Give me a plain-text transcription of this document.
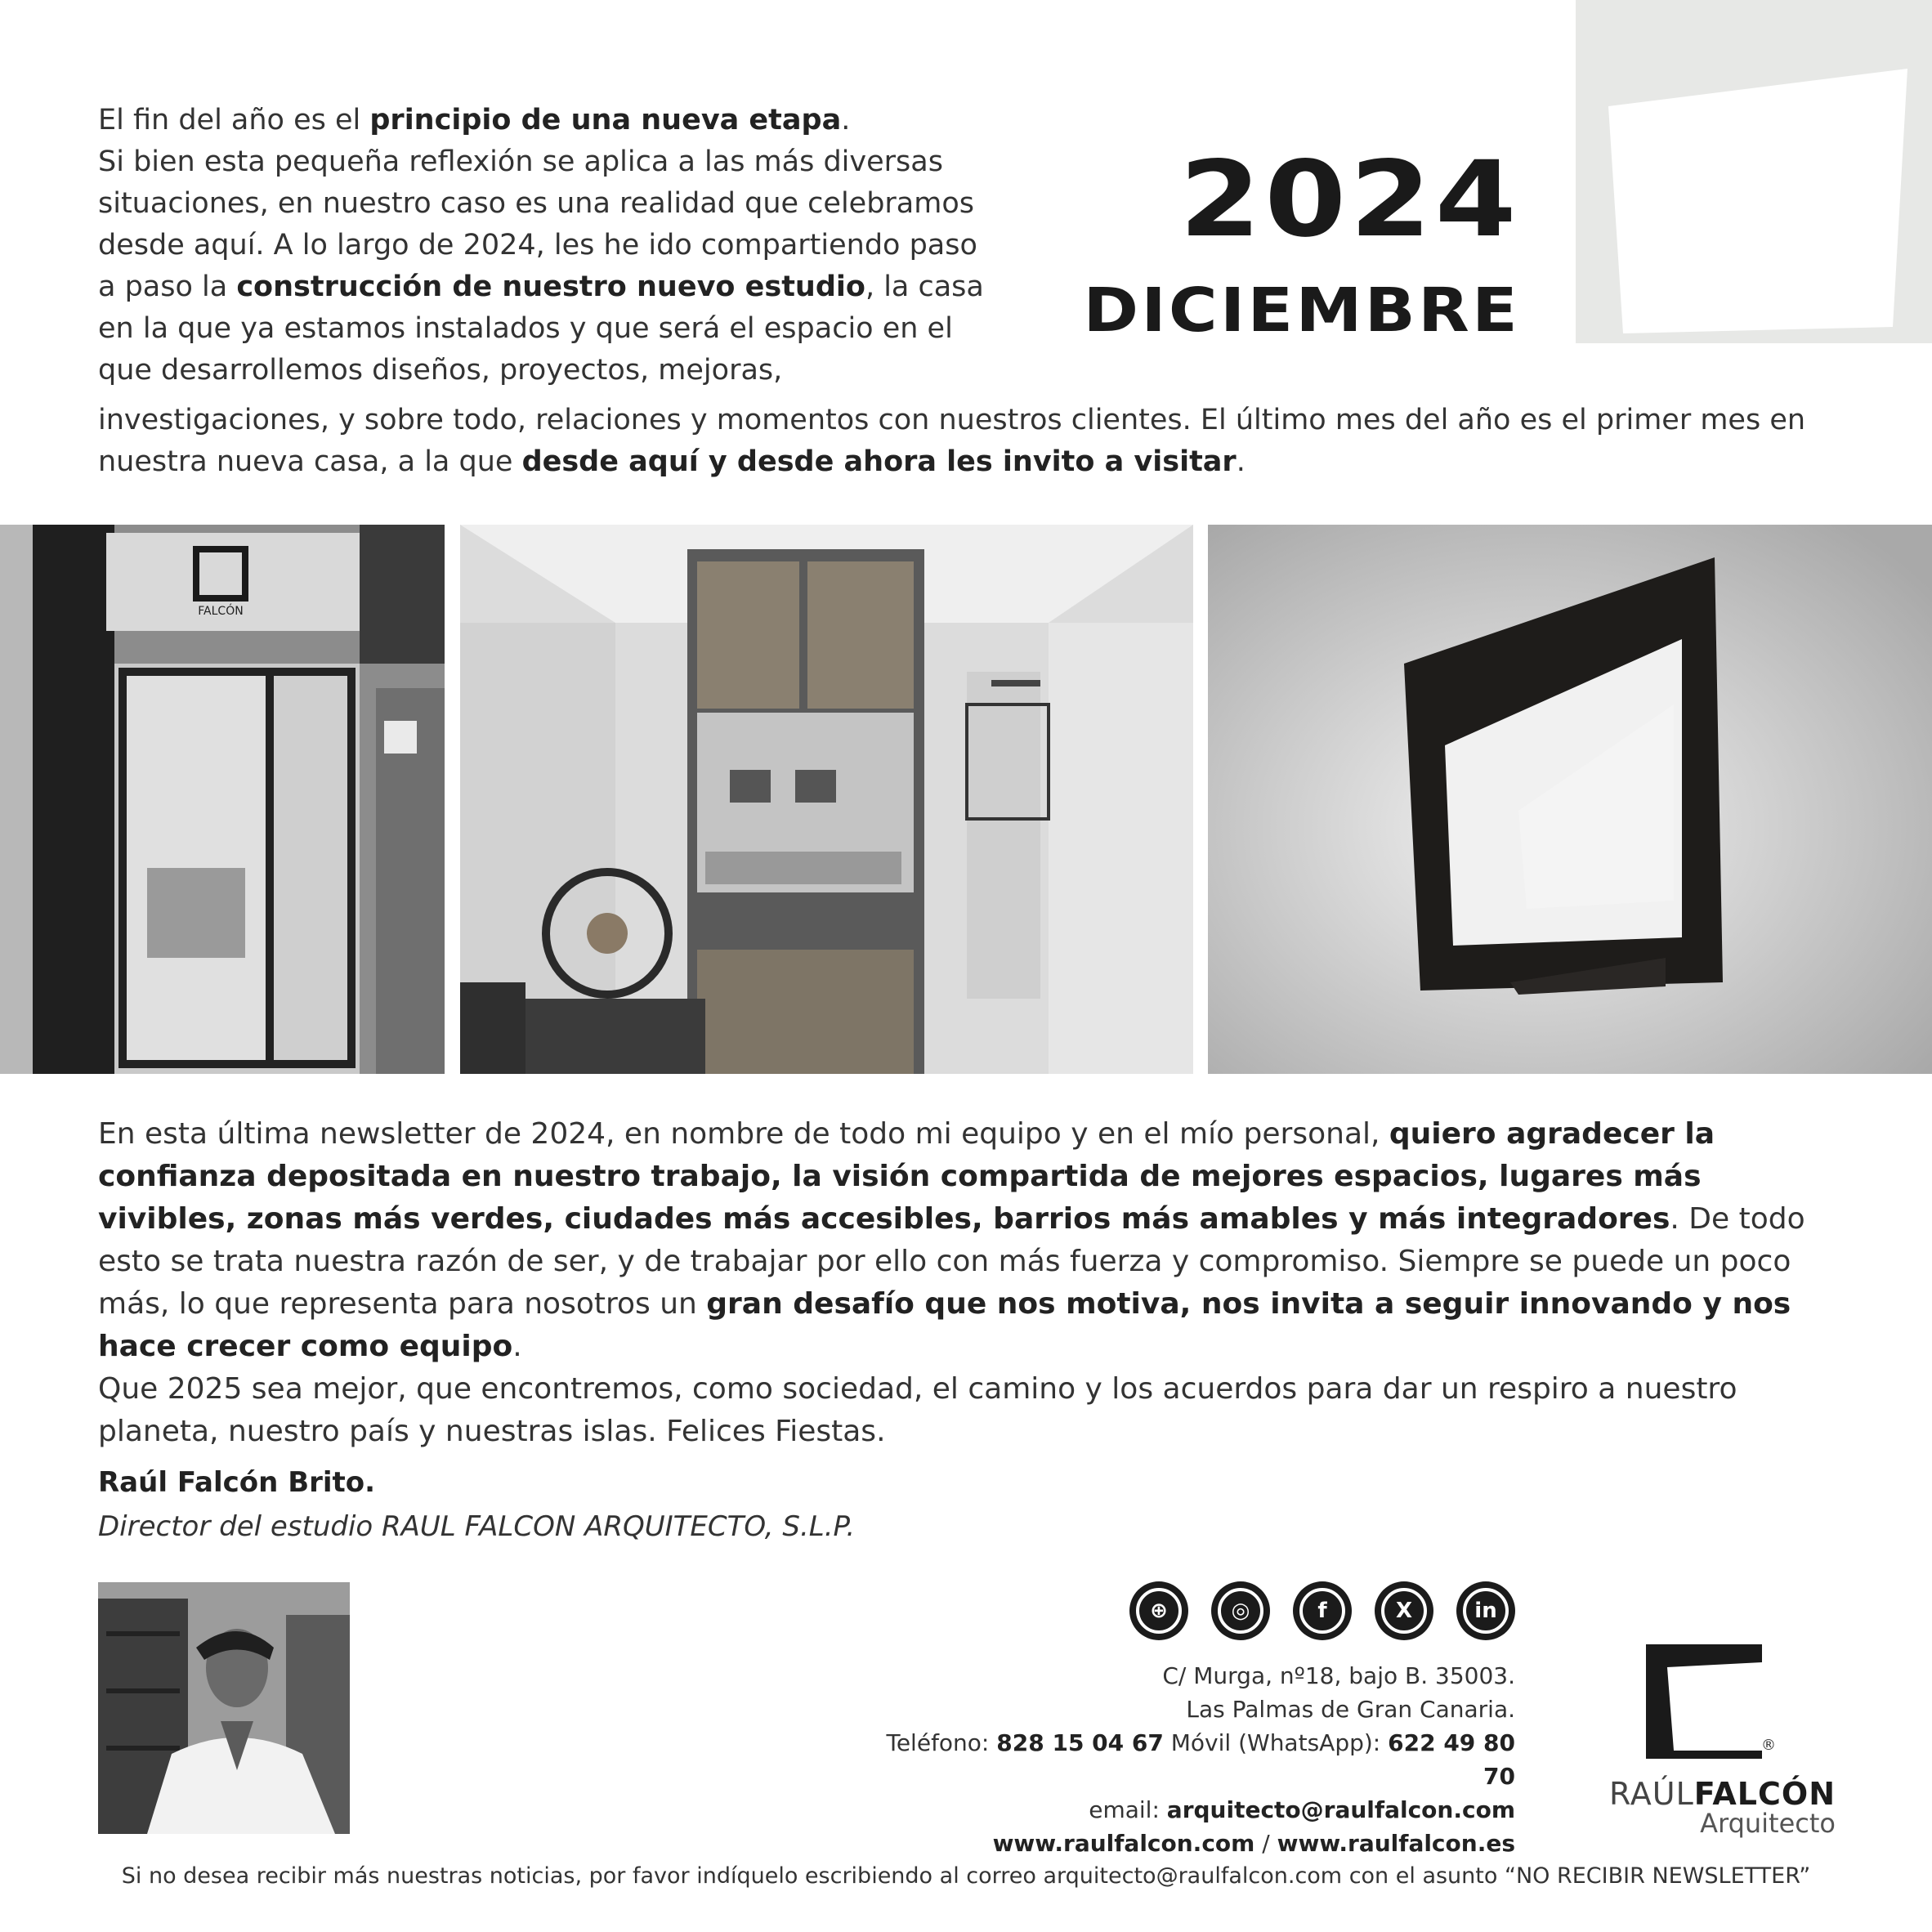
El fin del año es el principio de una nueva etapa.

Si bien esta pequeña reflexión se aplica a las más diversas situaciones, en nuestro caso es una realidad que celebramos desde aquí. A lo largo de 2024, les he ido compartiendo paso a paso la construcción de nuestro nuevo estudio, la casa en la que ya estamos instalados y que será el espacio en el que desarrollemos diseños, proyectos, mejoras,

investigaciones, y sobre todo, relaciones y momentos con nuestros clientes. El último mes del año es el primer mes en nuestra nueva casa, a la que desde aquí y desde ahora les invito a visitar.

2024
DICIEMBRE
FALCÓN

En esta última newsletter de 2024, en nombre de todo mi equipo y en el mío personal, quiero agradecer la confianza depositada en nuestro trabajo, la visión compartida de mejores espacios, lugares más vivibles, zonas más verdes, ciudades más accesibles, barrios más amables y más integradores. De todo esto se trata nuestra razón de ser, y de trabajar por ello con más fuerza y compromiso. Siempre se puede un poco más, lo que representa para nosotros un gran desafío que nos motiva, nos invita a seguir innovando y nos hace crecer como equipo.

Que 2025 sea mejor, que encontremos, como sociedad, el camino y los acuerdos para dar un respiro a nuestro planeta, nuestro país y nuestras islas. Felices Fiestas.

Raúl Falcón Brito.
Director del estudio RAUL FALCON ARQUITECTO, S.L.P.
⊕	◎	f	X	in
C/ Murga, nº18, bajo B. 35003.
Las Palmas de Gran Canaria.
Teléfono: 828 15 04 67 Móvil (WhatsApp): 622 49 80 70
email: arquitecto@raulfalcon.com
www.raulfalcon.com / www.raulfalcon.es
®
RAÚLFALCÓN
Arquitecto
Si no desea recibir más nuestras noticias, por favor indíquelo escribiendo al correo arquitecto@raulfalcon.com con el asunto “NO RECIBIR NEWSLETTER”
